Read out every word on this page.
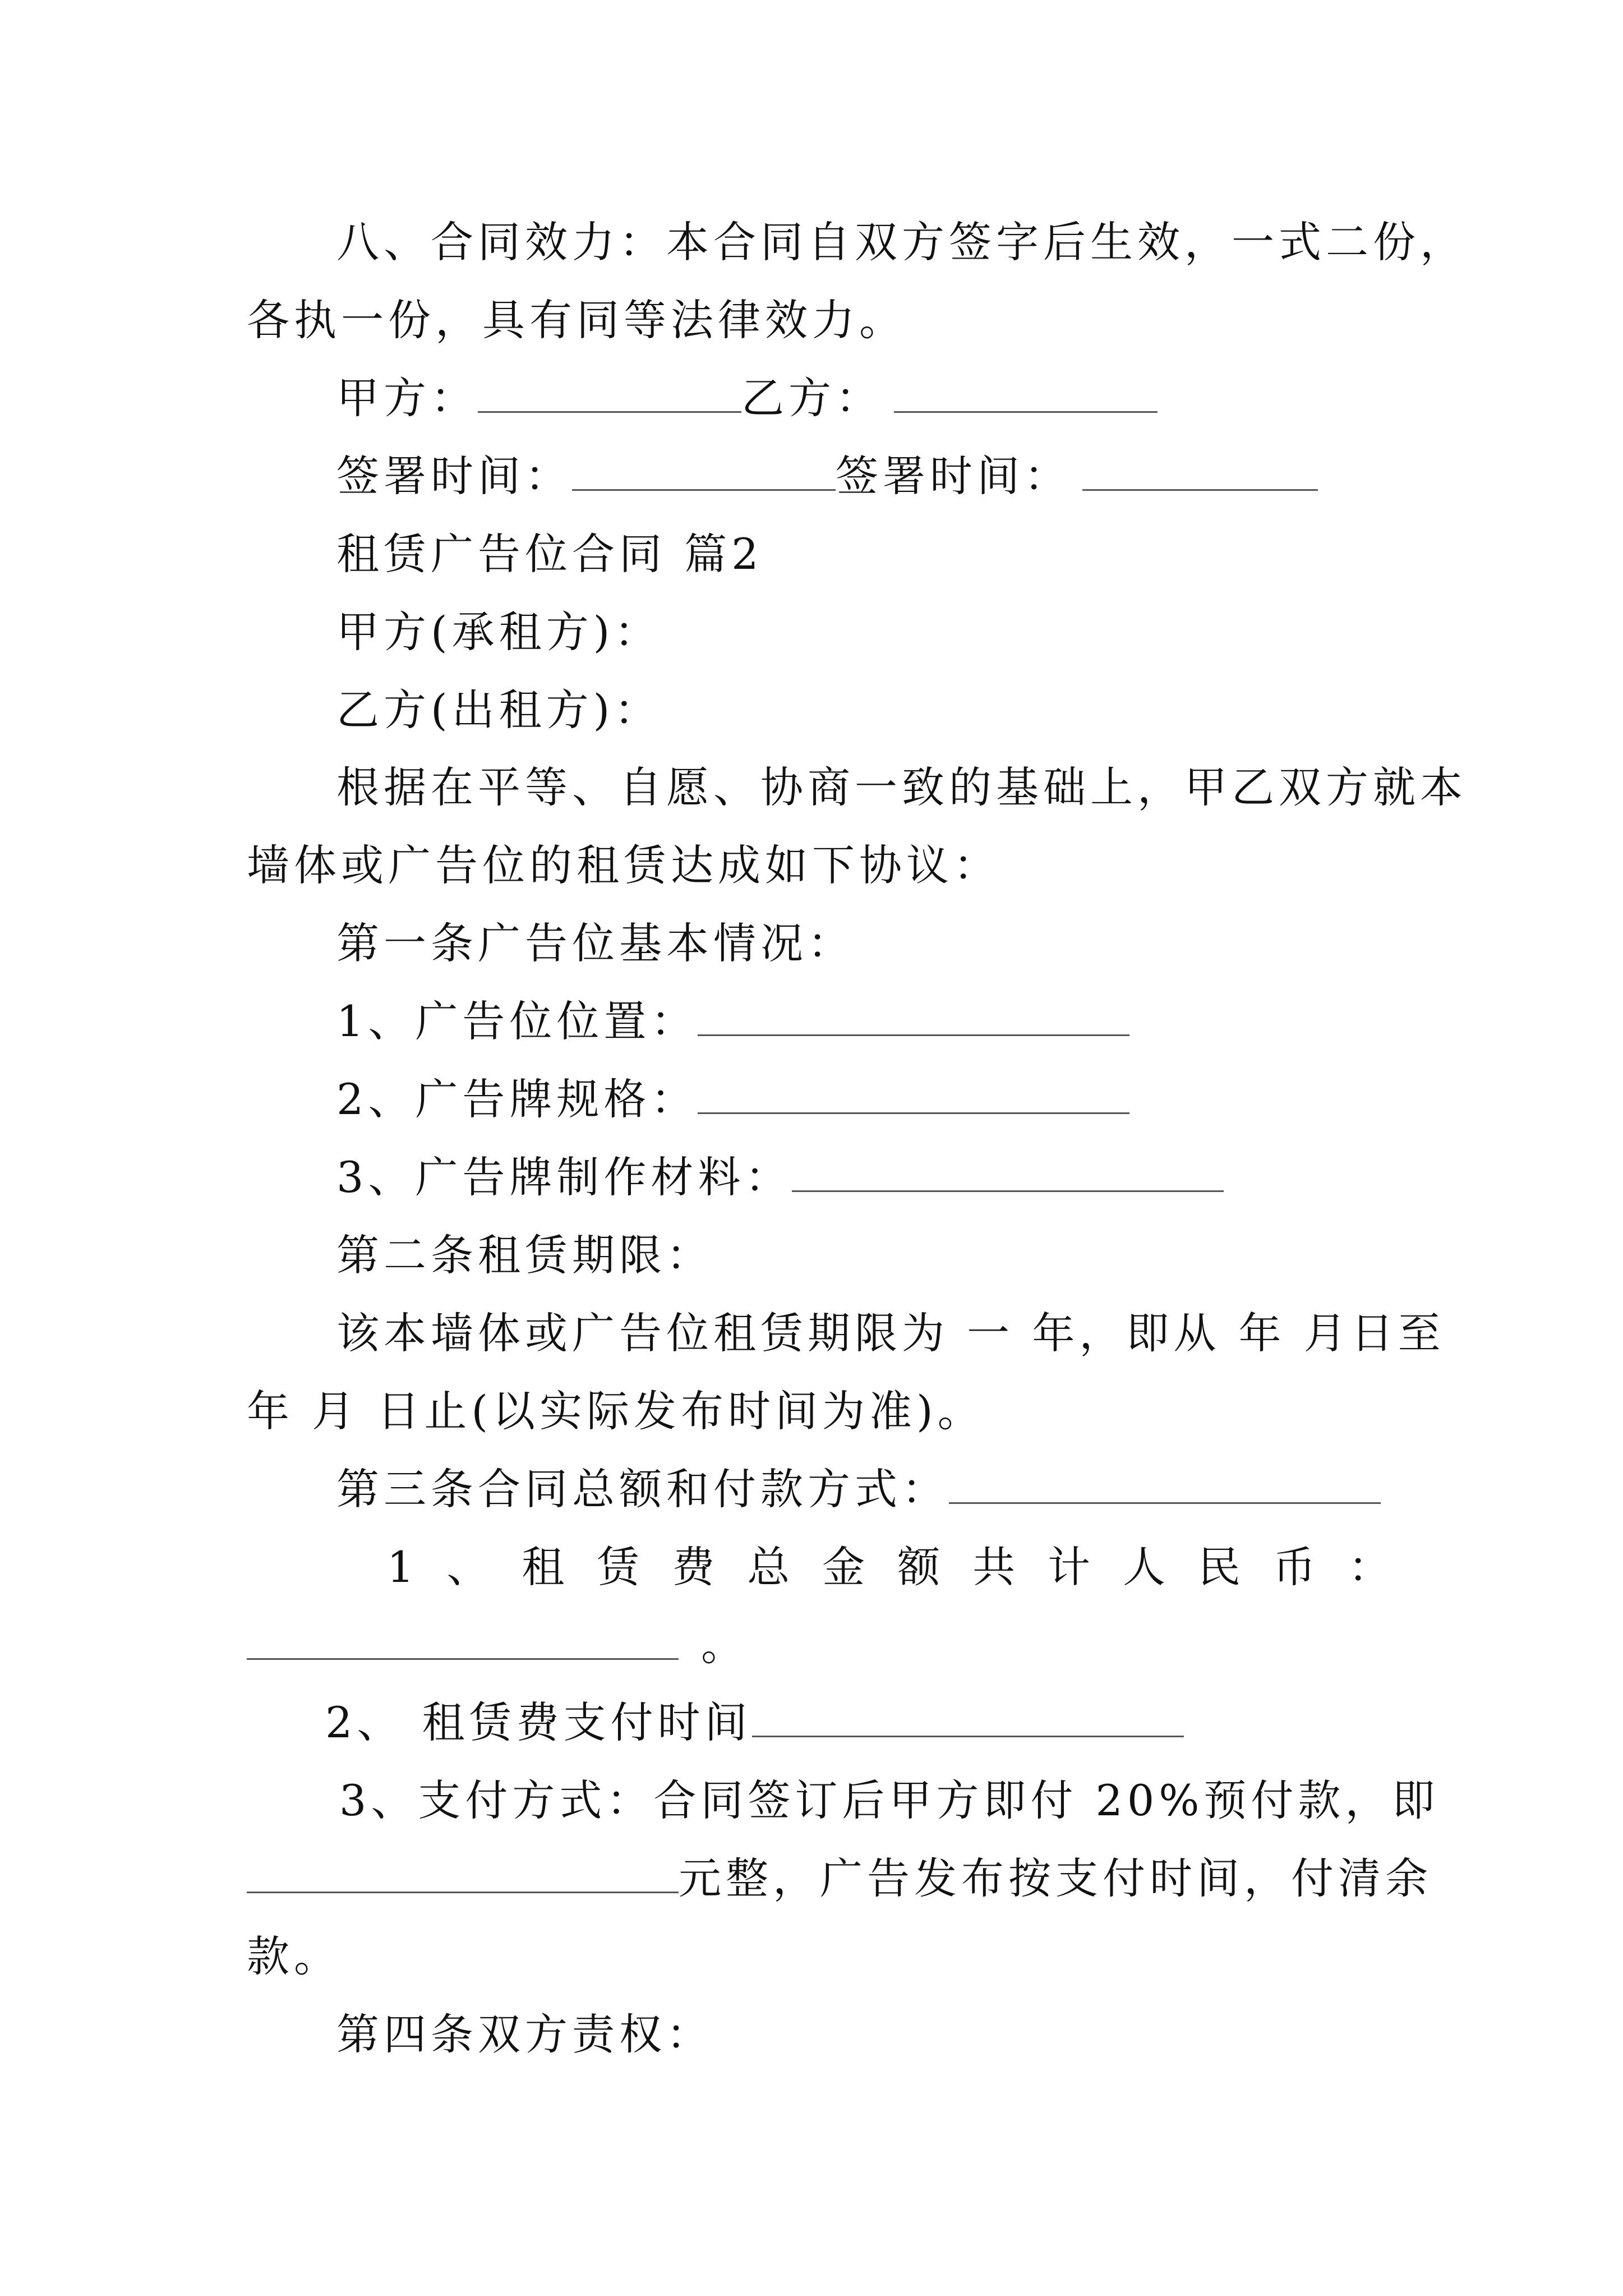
八、合同效力：本合同自双方签字后生效，一式二份，
各执一份，具有同等法律效力。
甲方：	乙方：
签署时间：	签署时间：
租赁广告位合同 篇2
甲方(承租方)：
乙方(出租方)：
根据在平等、自愿、协商一致的基础上，甲乙双方就本
墙体或广告位的租赁达成如下协议：
第一条广告位基本情况：
1、广告位位置：
2、广告牌规格：
3、广告牌制作材料：
第二条租赁期限：
该本墙体或广告位租赁期限为 一 年，即从 年 月日至
年 月 日止(以实际发布时间为准)。
第三条合同总额和付款方式：
1 、 租 赁 费 总 金 额 共 计 人 民 币 ：
。
2、 租赁费支付时间
3、支付方式：合同签订后甲方即付 20%预付款，即
元整，广告发布按支付时间，付清余
款。
第四条双方责权：
